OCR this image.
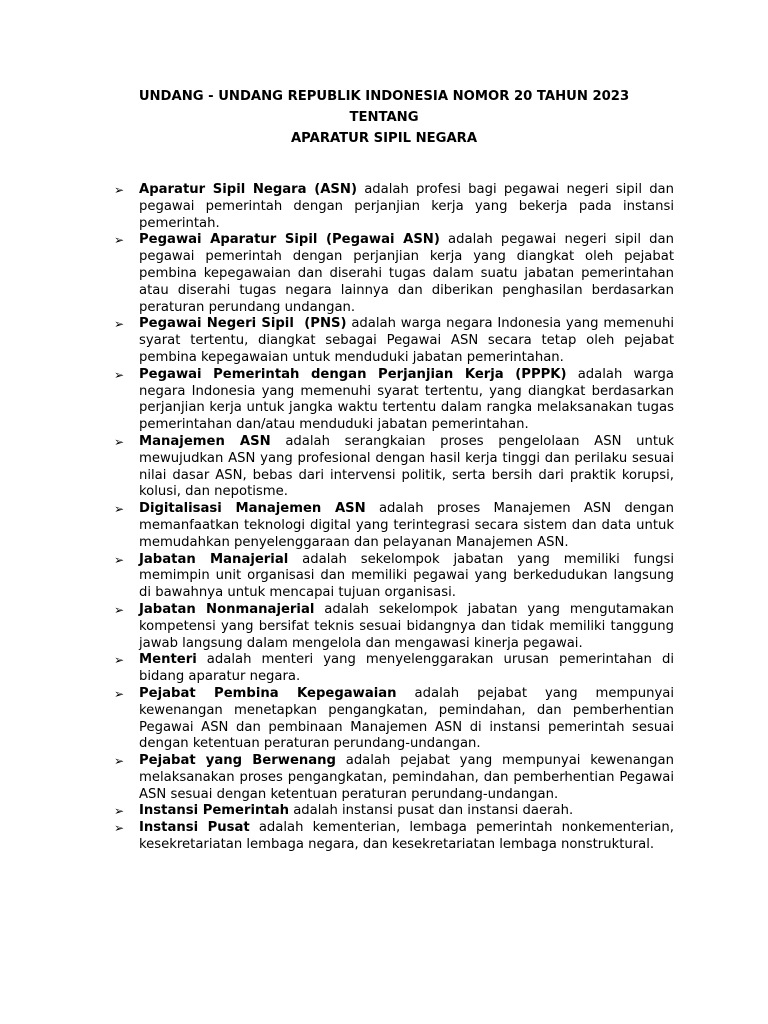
UNDANG - UNDANG REPUBLIK INDONESIA NOMOR 20 TAHUN 2023
TENTANG
APARATUR SIPIL NEGARA
➢ Aparatur Sipil Negara (ASN) adalah profesi bagi pegawai negeri sipil dan pegawai pemerintah dengan perjanjian kerja yang bekerja pada instansi pemerintah.
➢ Pegawai Aparatur Sipil (Pegawai ASN) adalah pegawai negeri sipil dan pegawai pemerintah dengan perjanjian kerja yang diangkat oleh pejabat pembina kepegawaian dan diserahi tugas dalam suatu jabatan pemerintahan atau diserahi tugas negara lainnya dan diberikan penghasilan berdasarkan peraturan perundang undangan.
➢ Pegawai Negeri Sipil  (PNS) adalah warga negara Indonesia yang memenuhi syarat tertentu, diangkat sebagai Pegawai ASN secara tetap oleh pejabat pembina kepegawaian untuk menduduki jabatan pemerintahan.
➢ Pegawai Pemerintah dengan Perjanjian Kerja (PPPK) adalah warga negara Indonesia yang memenuhi syarat tertentu, yang diangkat berdasarkan perjanjian kerja untuk jangka waktu tertentu dalam rangka melaksanakan tugas pemerintahan dan/atau menduduki jabatan pemerintahan.
➢ Manajemen ASN adalah serangkaian proses pengelolaan ASN untuk mewujudkan ASN yang profesional dengan hasil kerja tinggi dan perilaku sesuai nilai dasar ASN, bebas dari intervensi politik, serta bersih dari praktik korupsi, kolusi, dan nepotisme.
➢ Digitalisasi Manajemen ASN adalah proses Manajemen ASN dengan memanfaatkan teknologi digital yang terintegrasi secara sistem dan data untuk memudahkan penyelenggaraan dan pelayanan Manajemen ASN.
➢ Jabatan Manajerial adalah sekelompok jabatan yang memiliki fungsi memimpin unit organisasi dan memiliki pegawai yang berkedudukan langsung di bawahnya untuk mencapai tujuan organisasi.
➢ Jabatan Nonmanajerial adalah sekelompok jabatan yang mengutamakan kompetensi yang bersifat teknis sesuai bidangnya dan tidak memiliki tanggung jawab langsung dalam mengelola dan mengawasi kinerja pegawai.
➢ Menteri adalah menteri yang menyelenggarakan urusan pemerintahan di bidang aparatur negara.
➢ Pejabat Pembina Kepegawaian adalah pejabat yang mempunyai kewenangan menetapkan pengangkatan, pemindahan, dan pemberhentian Pegawai ASN dan pembinaan Manajemen ASN di instansi pemerintah sesuai dengan ketentuan peraturan perundang-undangan.
➢ Pejabat yang Berwenang adalah pejabat yang mempunyai kewenangan melaksanakan proses pengangkatan, pemindahan, dan pemberhentian Pegawai ASN sesuai dengan ketentuan peraturan perundang-undangan.
➢ Instansi Pemerintah adalah instansi pusat dan instansi daerah.
➢ Instansi Pusat adalah kementerian, lembaga pemerintah nonkementerian, kesekretariatan lembaga negara, dan kesekretariatan lembaga nonstruktural.
